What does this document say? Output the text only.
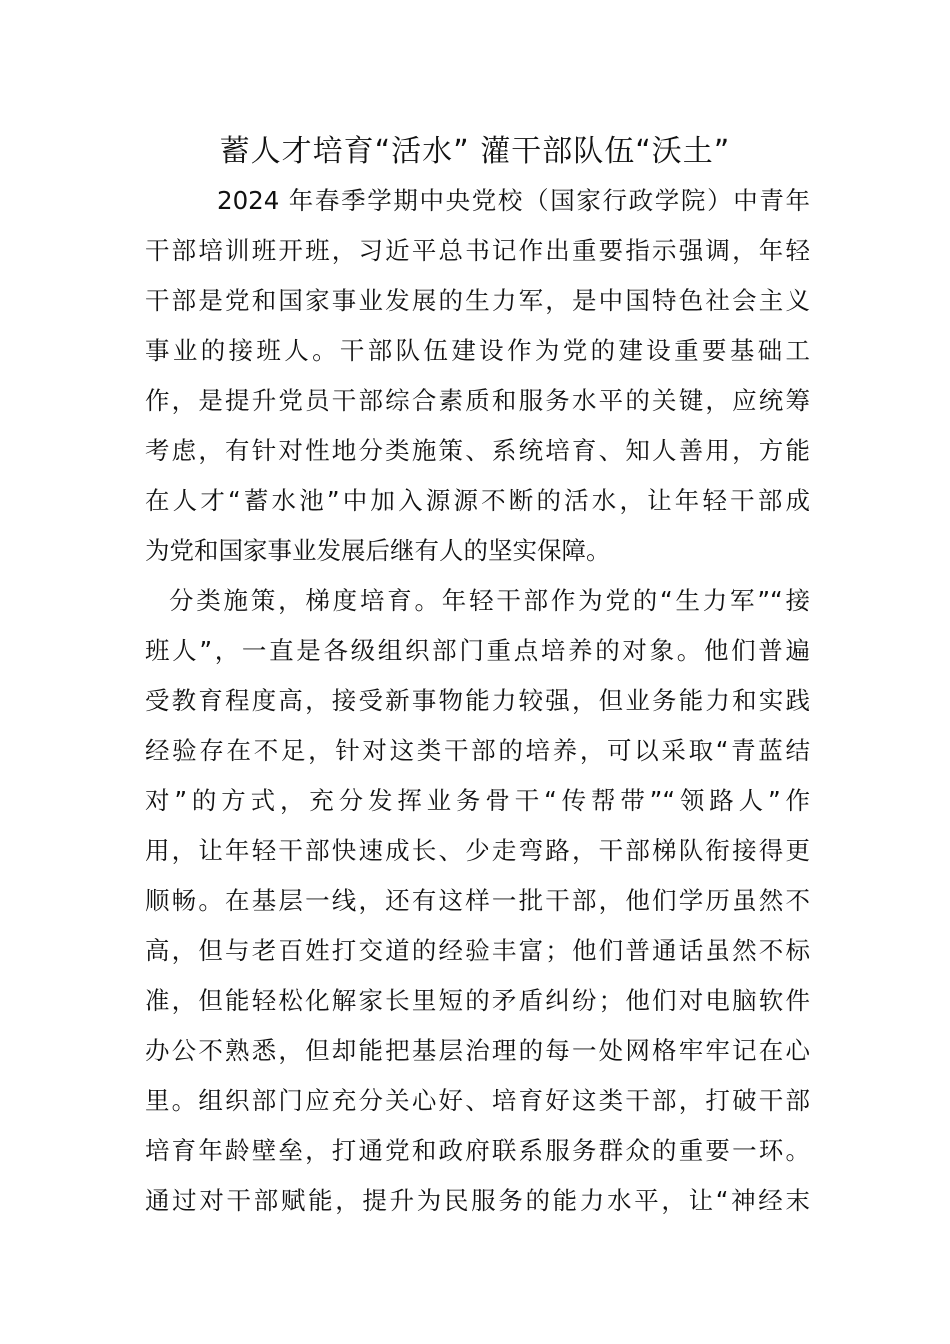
蓄人才培育“活水” 灌干部队伍“沃土”
2024 年春季学期中央党校（国家行政学院）中青年
干部培训班开班，习近平总书记作出重要指示强调，年轻
干部是党和国家事业发展的生力军，是中国特色社会主义
事业的接班人。干部队伍建设作为党的建设重要基础工
作，是提升党员干部综合素质和服务水平的关键，应统筹
考虑，有针对性地分类施策、系统培育、知人善用，方能
在人才“蓄水池”中加入源源不断的活水，让年轻干部成
为党和国家事业发展后继有人的坚实保障。
分类施策，梯度培育。年轻干部作为党的“生力军”“接
班人”，一直是各级组织部门重点培养的对象。他们普遍
受教育程度高，接受新事物能力较强，但业务能力和实践
经验存在不足，针对这类干部的培养，可以采取“青蓝结
对”的方式，充分发挥业务骨干“传帮带”“领路人”作
用，让年轻干部快速成长、少走弯路，干部梯队衔接得更
顺畅。在基层一线，还有这样一批干部，他们学历虽然不
高，但与老百姓打交道的经验丰富；他们普通话虽然不标
准，但能轻松化解家长里短的矛盾纠纷；他们对电脑软件
办公不熟悉，但却能把基层治理的每一处网格牢牢记在心
里。组织部门应充分关心好、培育好这类干部，打破干部
培育年龄壁垒，打通党和政府联系服务群众的重要一环。
通过对干部赋能，提升为民服务的能力水平，让“神经末
